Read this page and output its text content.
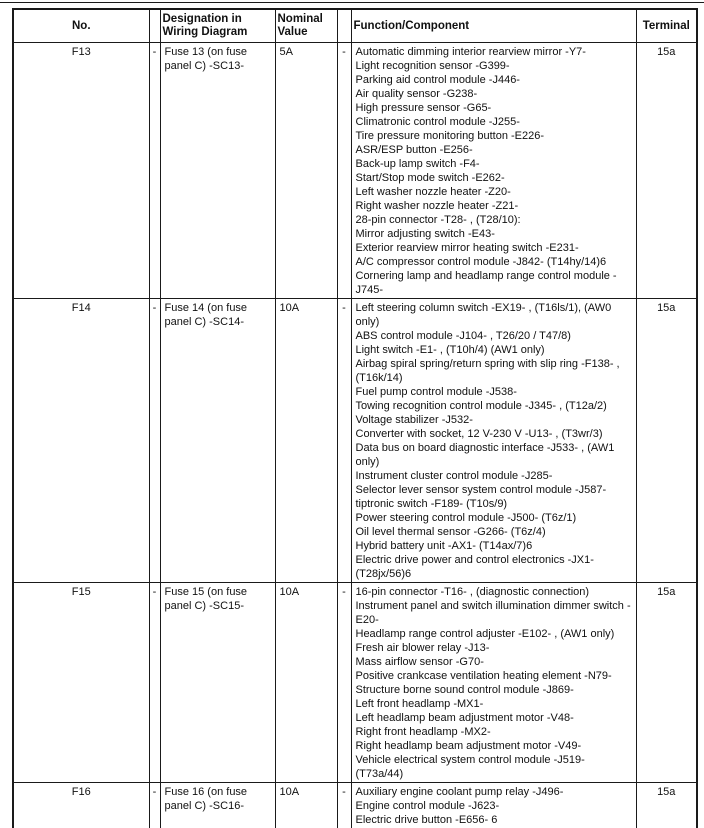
No.		Designation in Wiring Diagram	Nominal Value		Function/Component	Terminal
F13	-	Fuse 13 (on fuse panel C) -SC13-	5A	-	Automatic dimming interior rearview mirror -Y7-
Light recognition sensor -G399-
Parking aid control module -J446-
Air quality sensor -G238-
High pressure sensor -G65-
Climatronic control module -J255-
Tire pressure monitoring button -E226-
ASR/ESP button -E256-
Back-up lamp switch -F4-
Start/Stop mode switch -E262-
Left washer nozzle heater -Z20-
Right washer nozzle heater -Z21-
28-pin connector -T28- , (T28/10):
Mirror adjusting switch -E43-
Exterior rearview mirror heating switch -E231-
A/C compressor control module -J842- (T14hy/14)6
Cornering lamp and headlamp range control module -J745-
	15a
F14	-	Fuse 14 (on fuse panel C) -SC14-	10A	-	Left steering column switch -EX19- , (T16ls/1), (AW0 only)
ABS control module -J104- , T26/20 / T47/8)
Light switch -E1- , (T10h/4) (AW1 only)
Airbag spiral spring/return spring with slip ring -F138- , (T16k/14)
Fuel pump control module -J538-
Towing recognition control module -J345- , (T12a/2)
Voltage stabilizer -J532-
Converter with socket, 12 V-230 V -U13- , (T3wr/3)
Data bus on board diagnostic interface -J533- , (AW1 only)
Instrument cluster control module -J285-
Selector lever sensor system control module -J587- tiptronic switch -F189- (T10s/9)
Power steering control module -J500- (T6z/1)
Oil level thermal sensor -G266- (T6z/4)
Hybrid battery unit -AX1- (T14ax/7)6
Electric drive power and control electronics -JX1- (T28jx/56)6
	15a
F15	-	Fuse 15 (on fuse panel C) -SC15-	10A	-	16-pin connector -T16- , (diagnostic connection)
Instrument panel and switch illumination dimmer switch -E20-
Headlamp range control adjuster -E102- , (AW1 only)
Fresh air blower relay -J13-
Mass airflow sensor -G70-
Positive crankcase ventilation heating element -N79-
Structure borne sound control module -J869-
Left front headlamp -MX1-
Left headlamp beam adjustment motor -V48-
Right front headlamp -MX2-
Right headlamp beam adjustment motor -V49-
Vehicle electrical system control module -J519- (T73a/44)
	15a
F16	-	Fuse 16 (on fuse panel C) -SC16-	10A	-	Auxiliary engine coolant pump relay -J496-
Engine control module -J623-
Electric drive button -E656- 6	15a
